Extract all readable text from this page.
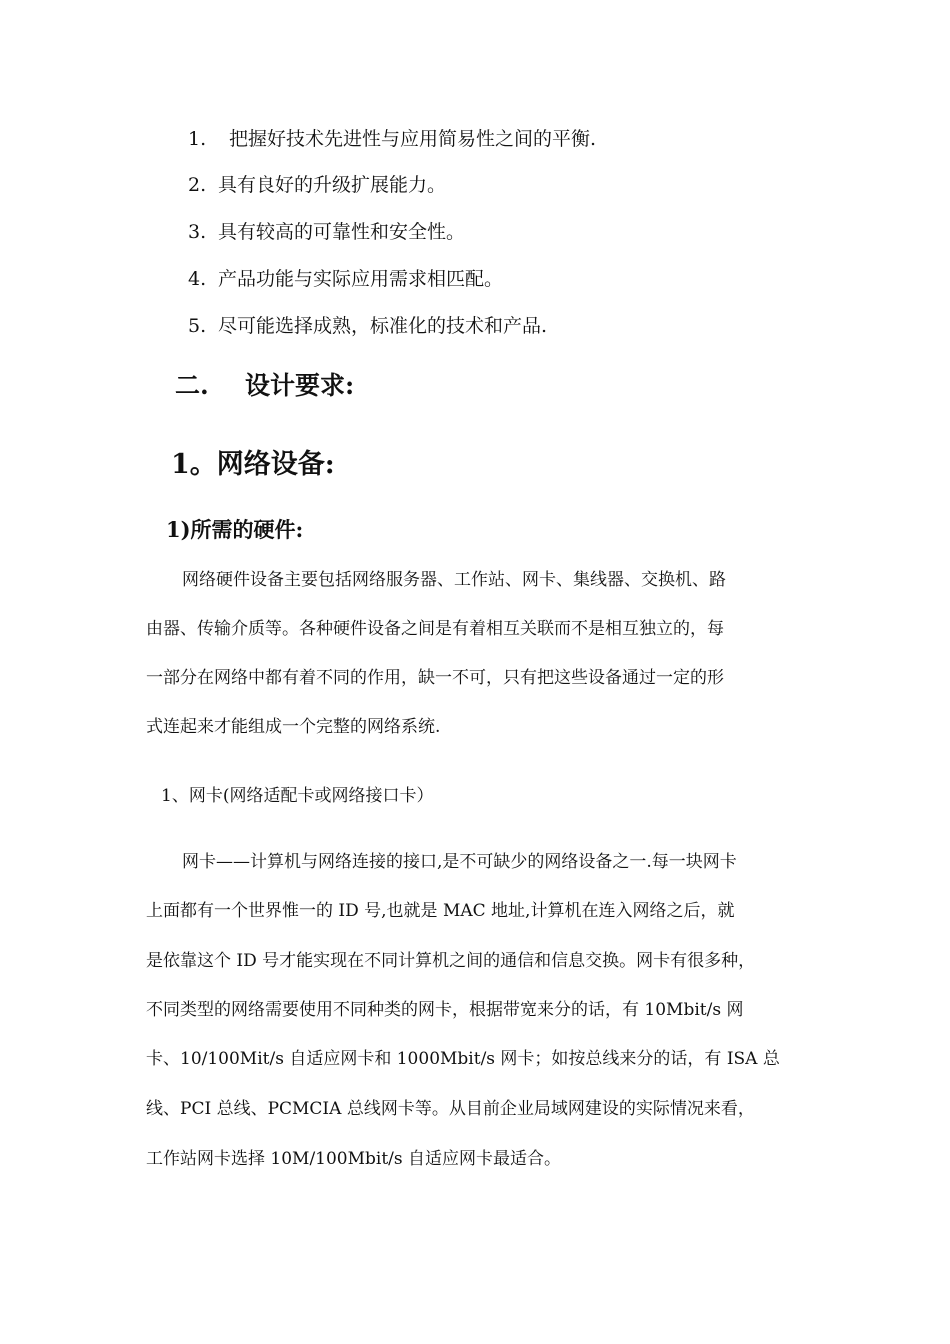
1. 把握好技术先进性与应用简易性之间的平衡.
2. 具有良好的升级扩展能力。
3. 具有较高的可靠性和安全性。
4. 产品功能与实际应用需求相匹配。
5. 尽可能选择成熟，标准化的技术和产品.
二. 设计要求:
1。网络设备:
1)所需的硬件:
网络硬件设备主要包括网络服务器、工作站、网卡、集线器、交换机、路
由器、传输介质等。各种硬件设备之间是有着相互关联而不是相互独立的，每
一部分在网络中都有着不同的作用，缺一不可，只有把这些设备通过一定的形
式连起来才能组成一个完整的网络系统.
1、网卡(网络适配卡或网络接口卡）
网卡——计算机与网络连接的接口,是不可缺少的网络设备之一.每一块网卡
上面都有一个世界惟一的 ID 号,也就是 MAC 地址,计算机在连入网络之后，就
是依靠这个 ID 号才能实现在不同计算机之间的通信和信息交换。网卡有很多种，
不同类型的网络需要使用不同种类的网卡，根据带宽来分的话，有 10Mbit/s 网
卡、10/100Mit/s 自适应网卡和 1000Mbit/s 网卡；如按总线来分的话，有 ISA 总
线、PCI 总线、PCMCIA 总线网卡等。从目前企业局域网建设的实际情况来看，
工作站网卡选择 10M/100Mbit/s 自适应网卡最适合。
